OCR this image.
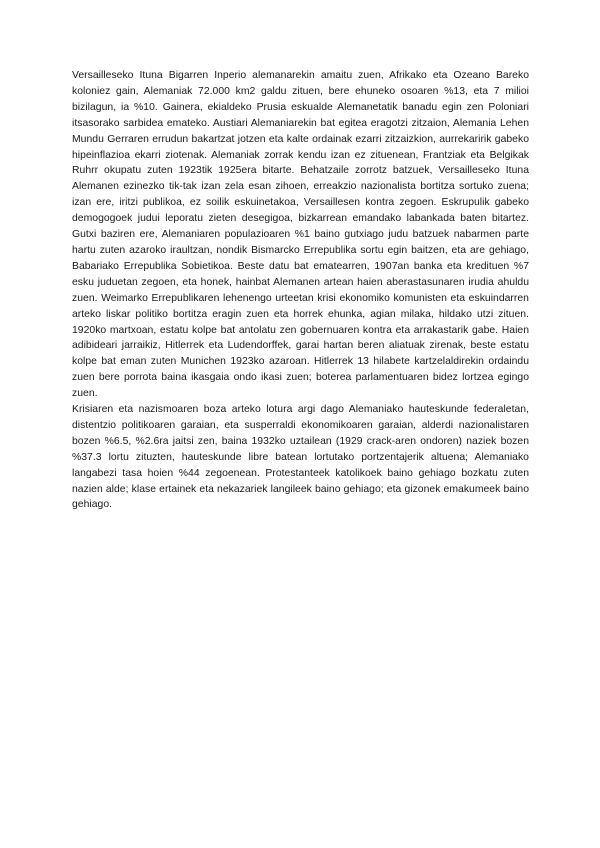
Versailleseko Ituna Bigarren Inperio alemanarekin amaitu zuen, Afrikako eta Ozeano Bareko koloniez gain, Alemaniak 72.000 km2 galdu zituen, bere ehuneko osoaren %13, eta 7 milioi bizilagun, ia %10. Gainera, ekialdeko Prusia eskualde Alemanetatik banadu egin zen Poloniari itsasorako sarbidea emateko. Austiari Alemaniarekin bat egitea eragotzi zitzaion, Alemania Lehen Mundu Gerraren errudun bakartzat jotzen eta kalte ordainak ezarri zitzaizkion, aurrekaririk gabeko hipeinflazioa ekarri ziotenak. Alemaniak zorrak kendu izan ez zituenean, Frantziak eta Belgikak Ruhrr okupatu zuten 1923tik 1925era bitarte. Behatzaile zorrotz batzuek, Versailleseko Ituna Alemanen ezinezko tik-tak izan zela esan zihoen, erreakzio nazionalista bortitza sortuko zuena; izan ere, iritzi publikoa, ez soilik eskuinetakoa, Versaillesen kontra zegoen. Eskrupulik gabeko demogogoek judui leporatu zieten desegigoa, bizkarrean emandako labankada baten bitartez. Gutxi baziren ere, Alemaniaren populazioaren %1 baino gutxiago judu batzuek nabarmen parte hartu zuten azaroko iraultzan, nondik Bismarcko Errepublika sortu egin baitzen, eta are gehiago, Babariako Errepublika Sobietikoa. Beste datu bat ematearren, 1907an banka eta kredituen %7 esku juduetan zegoen, eta honek, hainbat Alemanen artean haien aberastasunaren irudia ahuldu zuen. Weimarko Errepublikaren lehenengo urteetan krisi ekonomiko komunisten eta eskuindarren arteko liskar politiko bortitza eragin zuen eta horrek ehunka, agian milaka, hildako utzi zituen. 1920ko martxoan, estatu kolpe bat antolatu zen gobernuaren kontra eta arrakastarik gabe. Haien adibideari jarraikiz, Hitlerrek eta Ludendorffek, garai hartan beren aliatuak zirenak, beste estatu kolpe bat eman zuten Munichen 1923ko azaroan. Hitlerrek 13 hilabete kartzelaldirekin ordaindu zuen bere porrota baina ikasgaia ondo ikasi zuen; boterea parlamentuaren bidez lortzea egingo zuen.

Krisiaren eta nazismoaren boza arteko lotura argi dago Alemaniako hauteskunde federaletan, distentzio politikoaren garaian, eta susperraldi ekonomikoaren garaian, alderdi nazionalistaren bozen %6.5, %2.6ra jaitsi zen, baina 1932ko uztailean (1929 crack-aren ondoren) naziek bozen %37.3 lortu zituzten, hauteskunde libre batean lortutako portzentajerik altuena; Alemaniako langabezi tasa hoien %44 zegoenean. Protestanteek katolikoek baino gehiago bozkatu zuten nazien alde; klase ertainek eta nekazariek langileek baino gehiago; eta gizonek emakumeek baino gehiago.
